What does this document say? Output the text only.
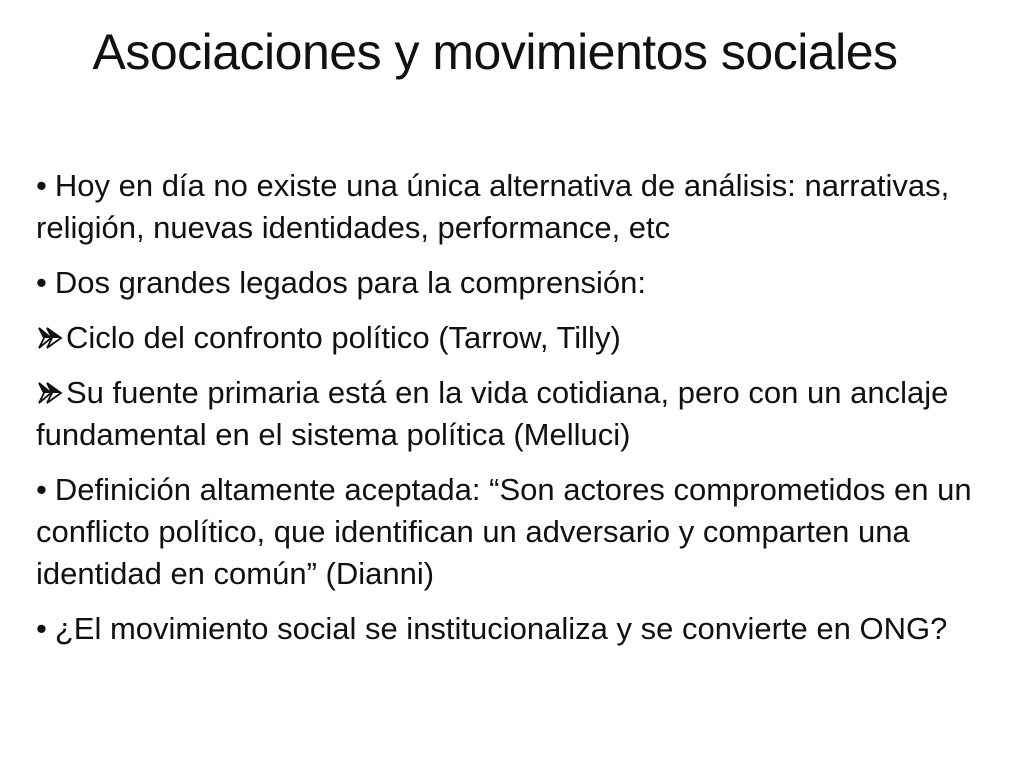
Asociaciones y movimientos sociales
• Hoy en día no existe una única alternativa de análisis: narrativas, religión, nuevas identidades, performance, etc
• Dos grandes legados para la comprensión:
Ciclo del confronto político (Tarrow, Tilly)
Su fuente primaria está en la vida cotidiana, pero con un anclaje fundamental en el sistema política (Melluci)
• Definición altamente aceptada: “Son actores comprometidos en un conflicto político, que identifican un adversario y comparten una identidad en común” (Dianni)
• ¿El movimiento social se institucionaliza y se convierte en ONG?
